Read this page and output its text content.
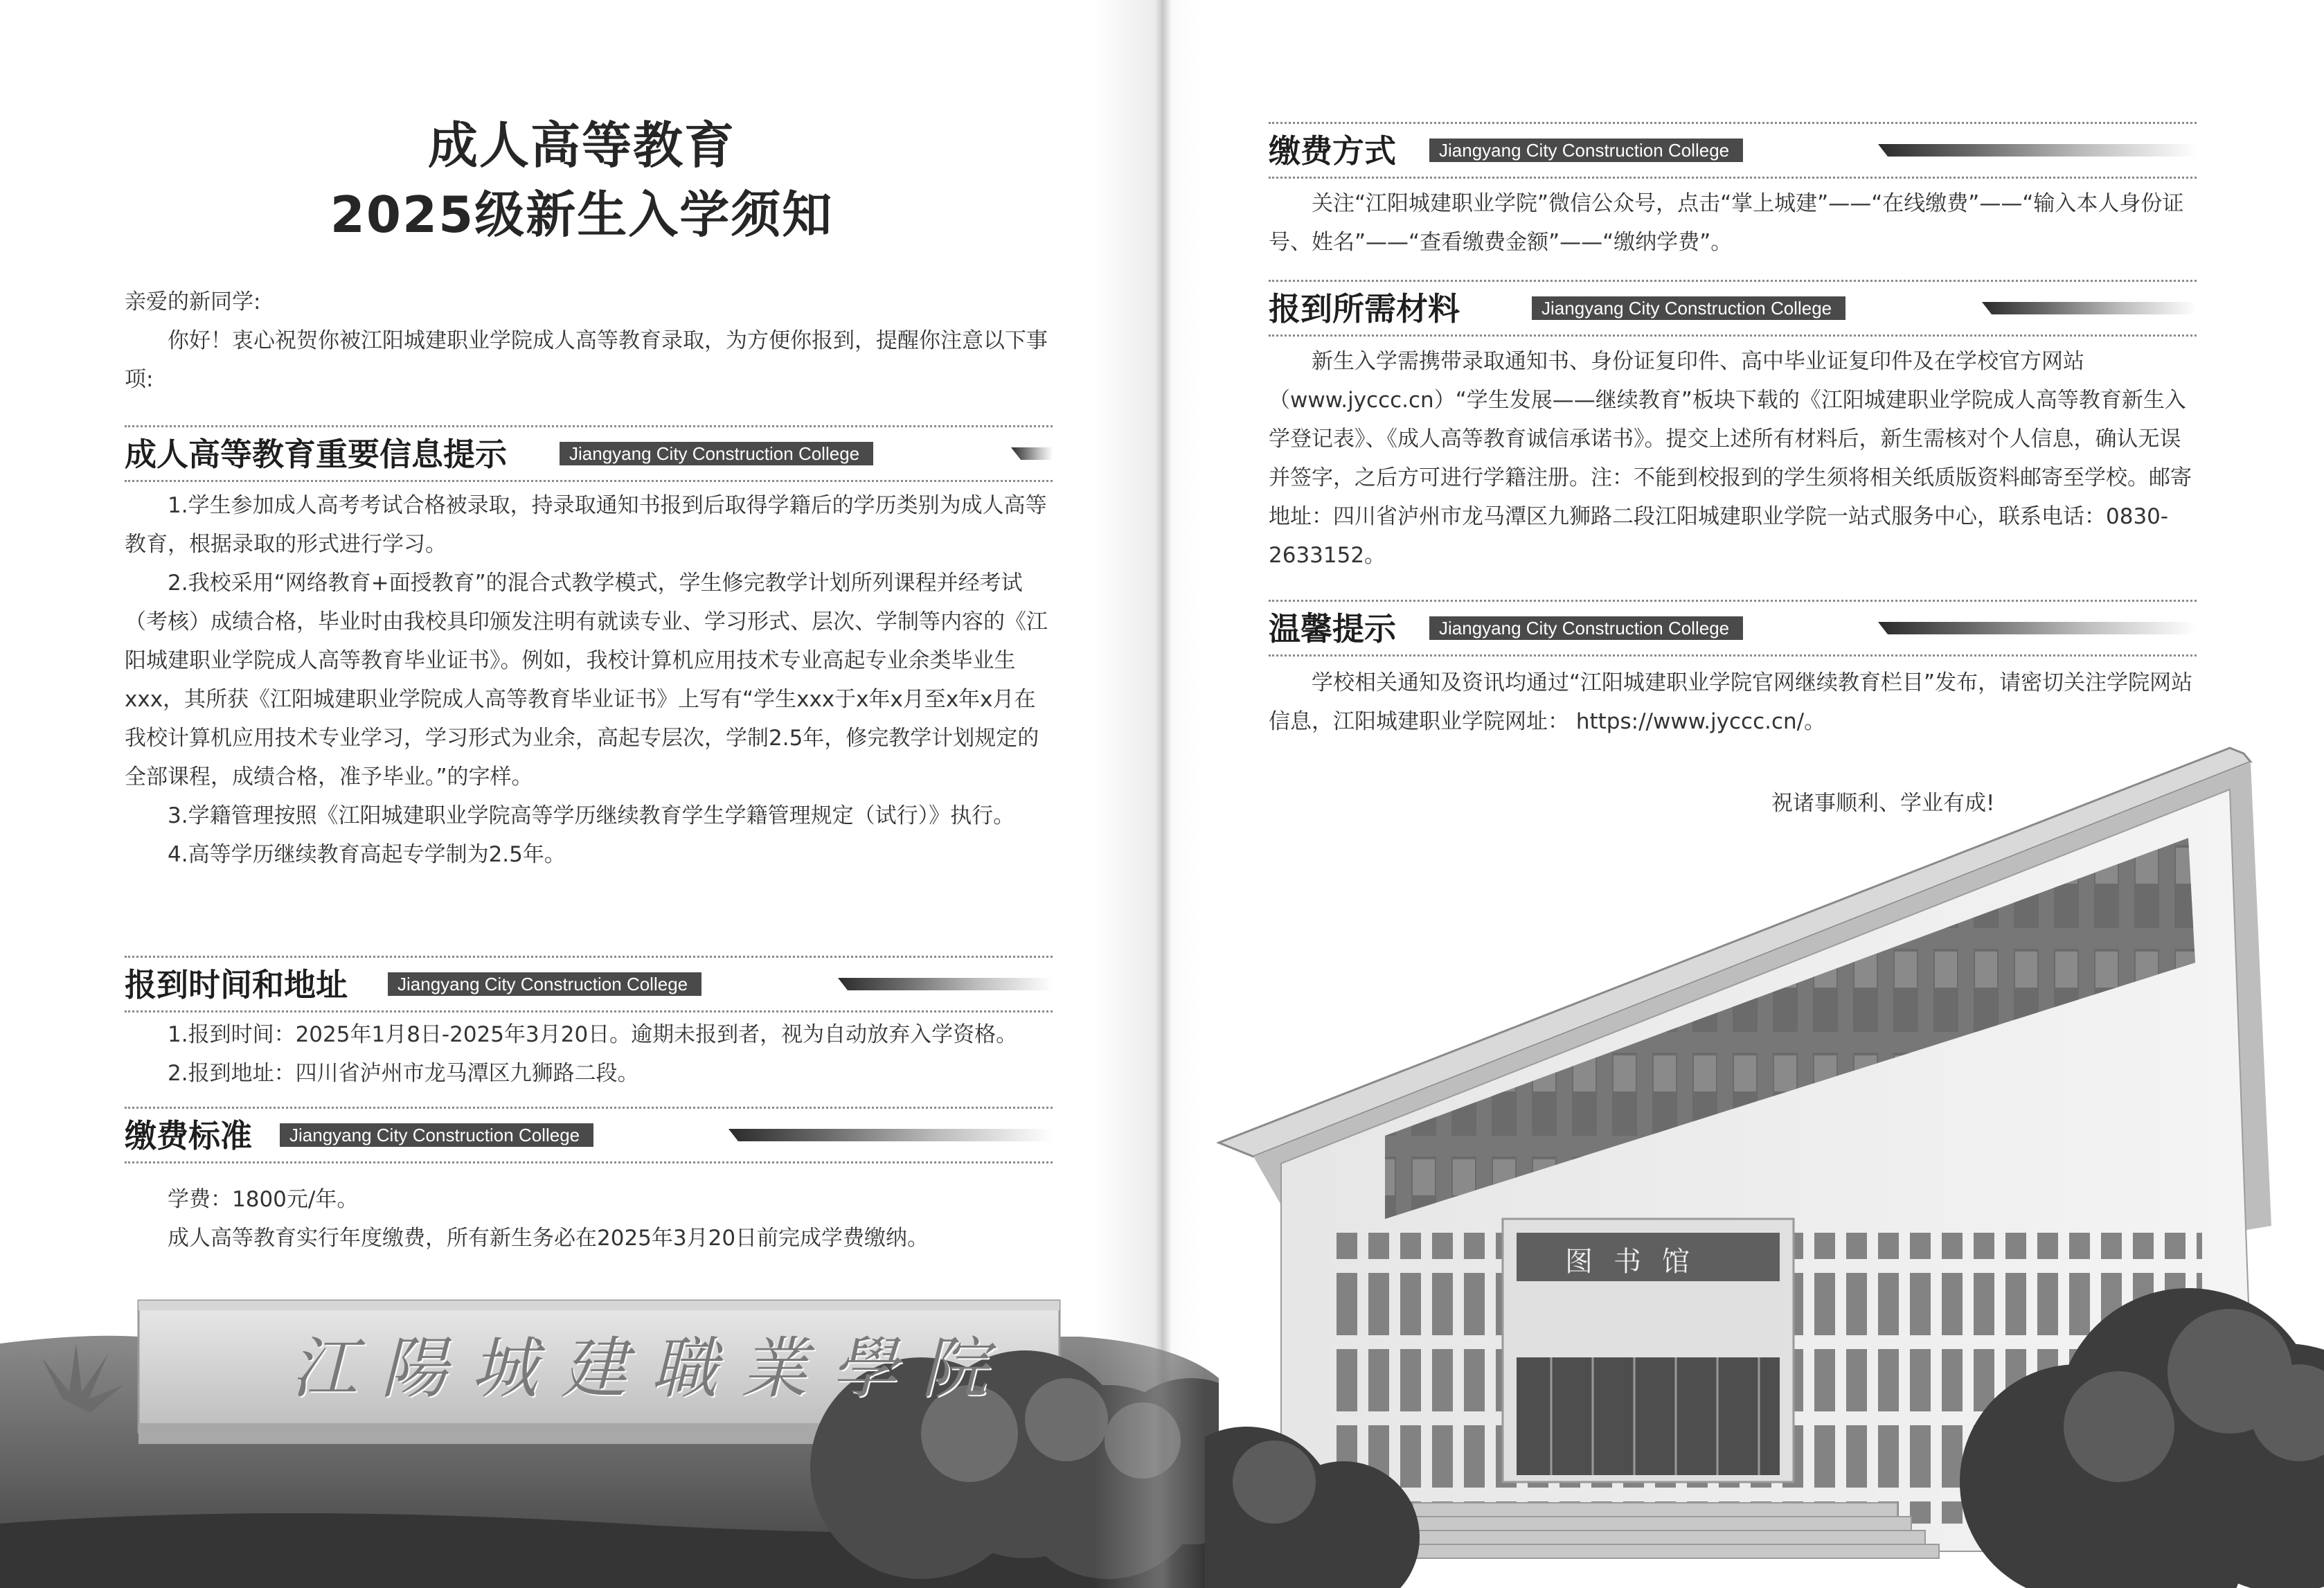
成人高等教育
2025级新生入学须知
亲爱的新同学:
你好！衷心祝贺你被江阳城建职业学院成人高等教育录取，为方便你报到，提醒你注意以下事项:
成人高等教育重要信息提示	Jiangyang City Construction College
1.学生参加成人高考考试合格被录取，持录取通知书报到后取得学籍后的学历类别为成人高等教育，根据录取的形式进行学习。
2.我校采用“网络教育+面授教育”的混合式教学模式，学生修完教学计划所列课程并经考试（考核）成绩合格，毕业时由我校具印颁发注明有就读专业、学习形式、层次、学制等内容的《江阳城建职业学院成人高等教育毕业证书》。例如，我校计算机应用技术专业高起专业余类毕业生xxx，其所获《江阳城建职业学院成人高等教育毕业证书》上写有“学生xxx于x年x月至x年x月在我校计算机应用技术专业学习，学习形式为业余，高起专层次，学制2.5年，修完教学计划规定的全部课程，成绩合格，准予毕业。”的字样。
3.学籍管理按照《江阳城建职业学院高等学历继续教育学生学籍管理规定（试行）》执行。
4.高等学历继续教育高起专学制为2.5年。
报到时间和地址	Jiangyang City Construction College
1.报到时间：2025年1月8日-2025年3月20日。逾期未报到者，视为自动放弃入学资格。
2.报到地址：四川省泸州市龙马潭区九狮路二段。
缴费标准	Jiangyang City Construction College
学费：1800元/年。
成人高等教育实行年度缴费，所有新生务必在2025年3月20日前完成学费缴纳。
江陽城建職業學院
缴费方式	Jiangyang City Construction College
关注“江阳城建职业学院”微信公众号，点击“掌上城建”——“在线缴费”——“输入本人身份证号、姓名”——“查看缴费金额”——“缴纳学费”。
报到所需材料	Jiangyang City Construction College
新生入学需携带录取通知书、身份证复印件、高中毕业证复印件及在学校官方网站（www.jyccc.cn）“学生发展——继续教育”板块下载的《江阳城建职业学院成人高等教育新生入学登记表》、《成人高等教育诚信承诺书》。提交上述所有材料后，新生需核对个人信息，确认无误并签字，之后方可进行学籍注册。注：不能到校报到的学生须将相关纸质版资料邮寄至学校。邮寄地址：四川省泸州市龙马潭区九狮路二段江阳城建职业学院一站式服务中心，联系电话：0830-2633152。
温馨提示	Jiangyang City Construction College
学校相关通知及资讯均通过“江阳城建职业学院官网继续教育栏目”发布，请密切关注学院网站信息，江阳城建职业学院网址： https://www.jyccc.cn/。
祝诸事顺利、学业有成!
图书馆
